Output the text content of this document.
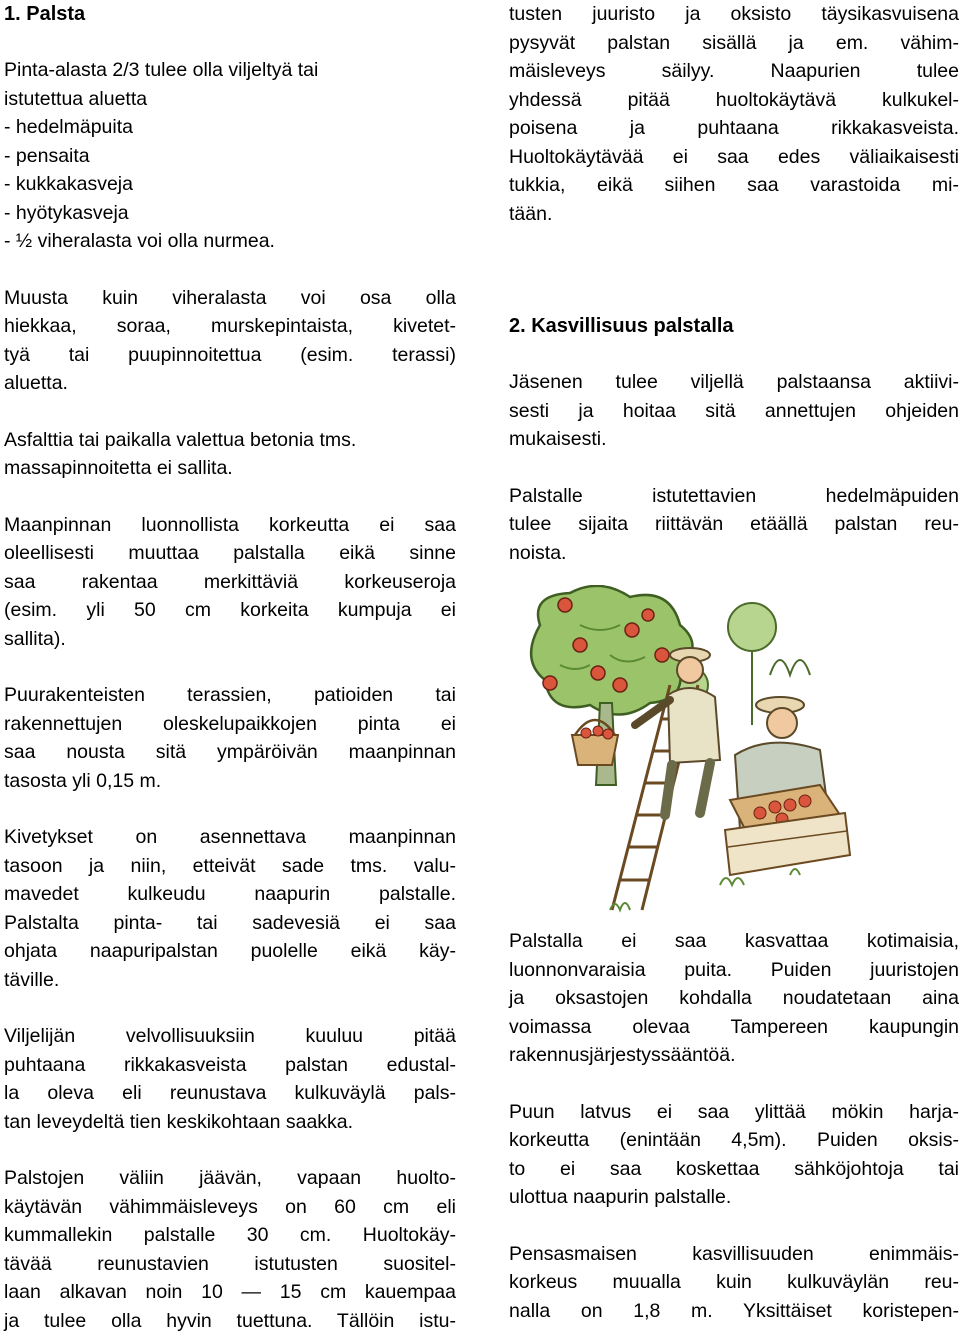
1. Palsta
Pinta-alasta 2/3 tulee olla viljeltyä tai
istutettua aluetta
- hedelmäpuita
- pensaita
- kukkakasveja
- hyötykasveja
- ½ viheralasta voi olla nurmea.
Muusta kuin viheralasta voi osa olla
hiekkaa, soraa, murskepintaista, kivetet-
tyä tai puupinnoitettua (esim. terassi)
aluetta.
Asfalttia tai paikalla valettua betonia tms.
massapinnoitetta ei sallita.
Maanpinnan luonnollista korkeutta ei saa
oleellisesti muuttaa palstalla eikä sinne
saa rakentaa merkittäviä korkeuseroja
(esim. yli 50 cm korkeita kumpuja ei
sallita).
Puurakenteisten terassien, patioiden tai
rakennettujen oleskelupaikkojen pinta ei
saa nousta sitä ympäröivän maanpinnan
tasosta yli 0,15 m.
Kivetykset on asennettava maanpinnan
tasoon ja niin, etteivät sade tms. valu-
mavedet kulkeudu naapurin palstalle.
Palstalta pinta- tai sadevesiä ei saa
ohjata naapuripalstan puolelle eikä käy-
täville.
Viljelijän velvollisuuksiin kuuluu pitää
puhtaana rikkakasveista palstan edustal-
la oleva eli reunustava kulkuväylä pals-
tan leveydeltä tien keskikohtaan saakka.
Palstojen väliin jäävän, vapaan huolto-
käytävän vähimmäisleveys on 60 cm eli
kummallekin palstalle 30 cm. Huoltokäy-
tävää reunustavien istutusten suositel-
laan alkavan noin 10 — 15 cm kauempaa
ja tulee olla hyvin tuettuna. Tällöin istu-
tusten juuristo ja oksisto täysikasvuisena
pysyvät palstan sisällä ja em. vähim-
mäisleveys säilyy. Naapurien tulee
yhdessä pitää huoltokäytävä kulkukel-
poisena ja puhtaana rikkakasveista.
Huoltokäytävää ei saa edes väliaikaisesti
tukkia, eikä siihen saa varastoida mi-
tään.
2. Kasvillisuus palstalla
Jäsenen tulee viljellä palstaansa aktiivi-
sesti ja hoitaa sitä annettujen ohjeiden
mukaisesti.
Palstalle istutettavien hedelmäpuiden
tulee sijaita riittävän etäällä palstan reu-
noista.
Palstalla ei saa kasvattaa kotimaisia,
luonnonvaraisia puita. Puiden juuristojen
ja oksastojen kohdalla noudatetaan aina
voimassa olevaa Tampereen kaupungin
rakennusjärjestyssääntöä.
Puun latvus ei saa ylittää mökin harja-
korkeutta (enintään 4,5m). Puiden oksis-
to ei saa koskettaa sähköjohtoja tai
ulottua naapurin palstalle.
Pensasmaisen kasvillisuuden enimmäis-
korkeus muualla kuin kulkuväylän reu-
nalla on 1,8 m. Yksittäiset koristepen-
